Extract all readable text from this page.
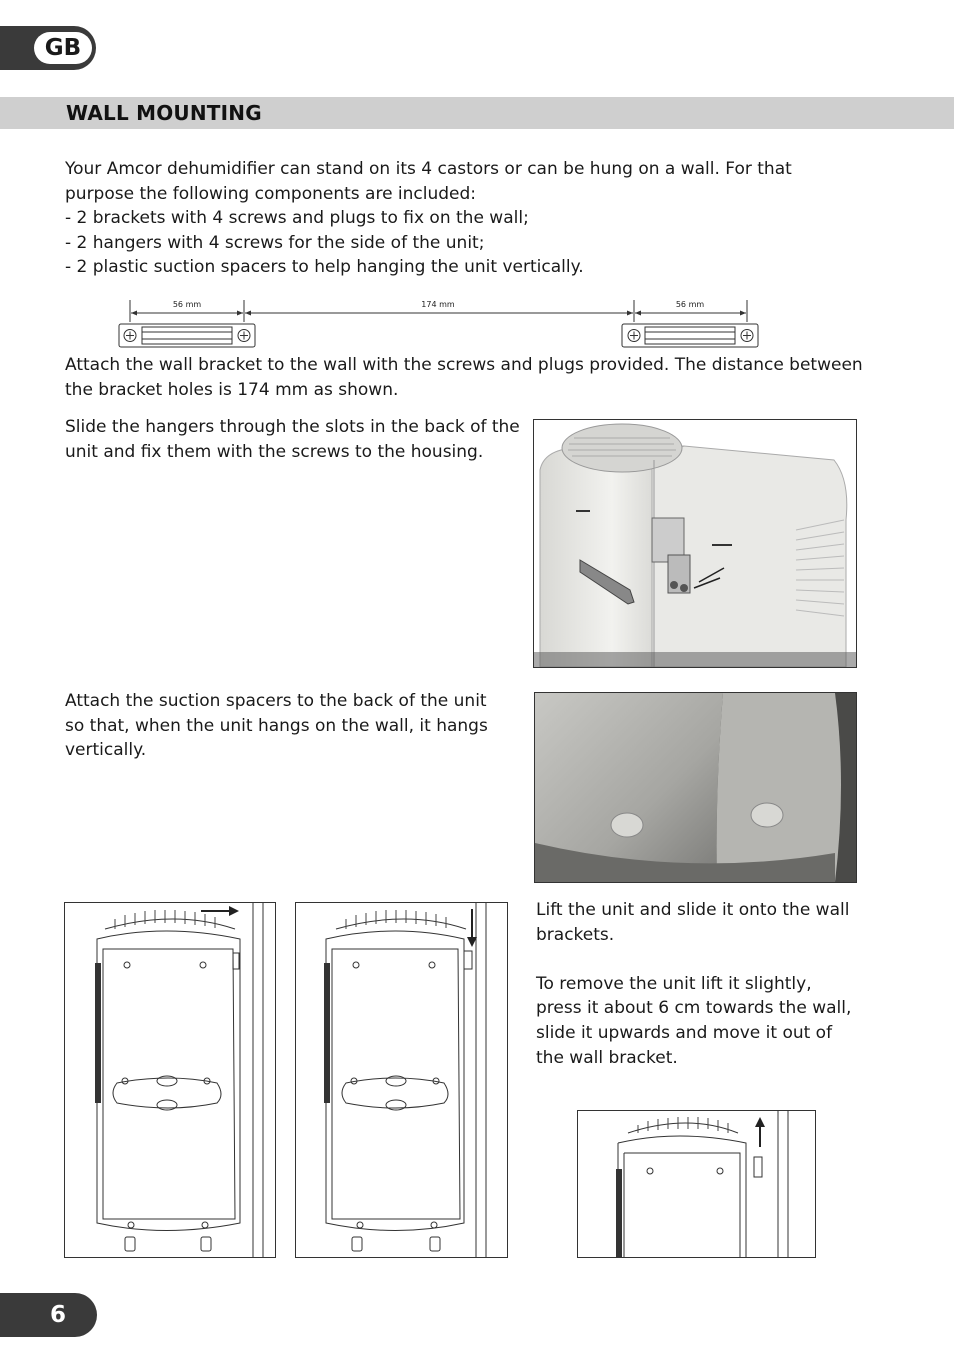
GB
WALL MOUNTING

Your Amcor dehumidifier can stand on its 4 castors or can be hung on a wall. For that purpose the following components are included:

- 2 brackets with 4 screws and plugs to fix on the wall;

- 2 hangers with 4 screws for the side of the unit;

- 2 plastic suction spacers to help hanging the unit vertically.

56 mm	174 mm	56 mm
Attach the wall bracket to the wall with the screws and plugs provided. The distance between the bracket holes is 174 mm as shown.
Slide the hangers through the slots in the back of the unit and fix them with the screws to the housing.
Attach the suction spacers to the back of the unit so that, when the unit hangs on the wall, it hangs vertically.

Lift the unit and slide it onto the wall brackets.

To remove the unit lift it slightly, press it about 6 cm towards the wall, slide it upwards and move it out of the wall bracket.

6
